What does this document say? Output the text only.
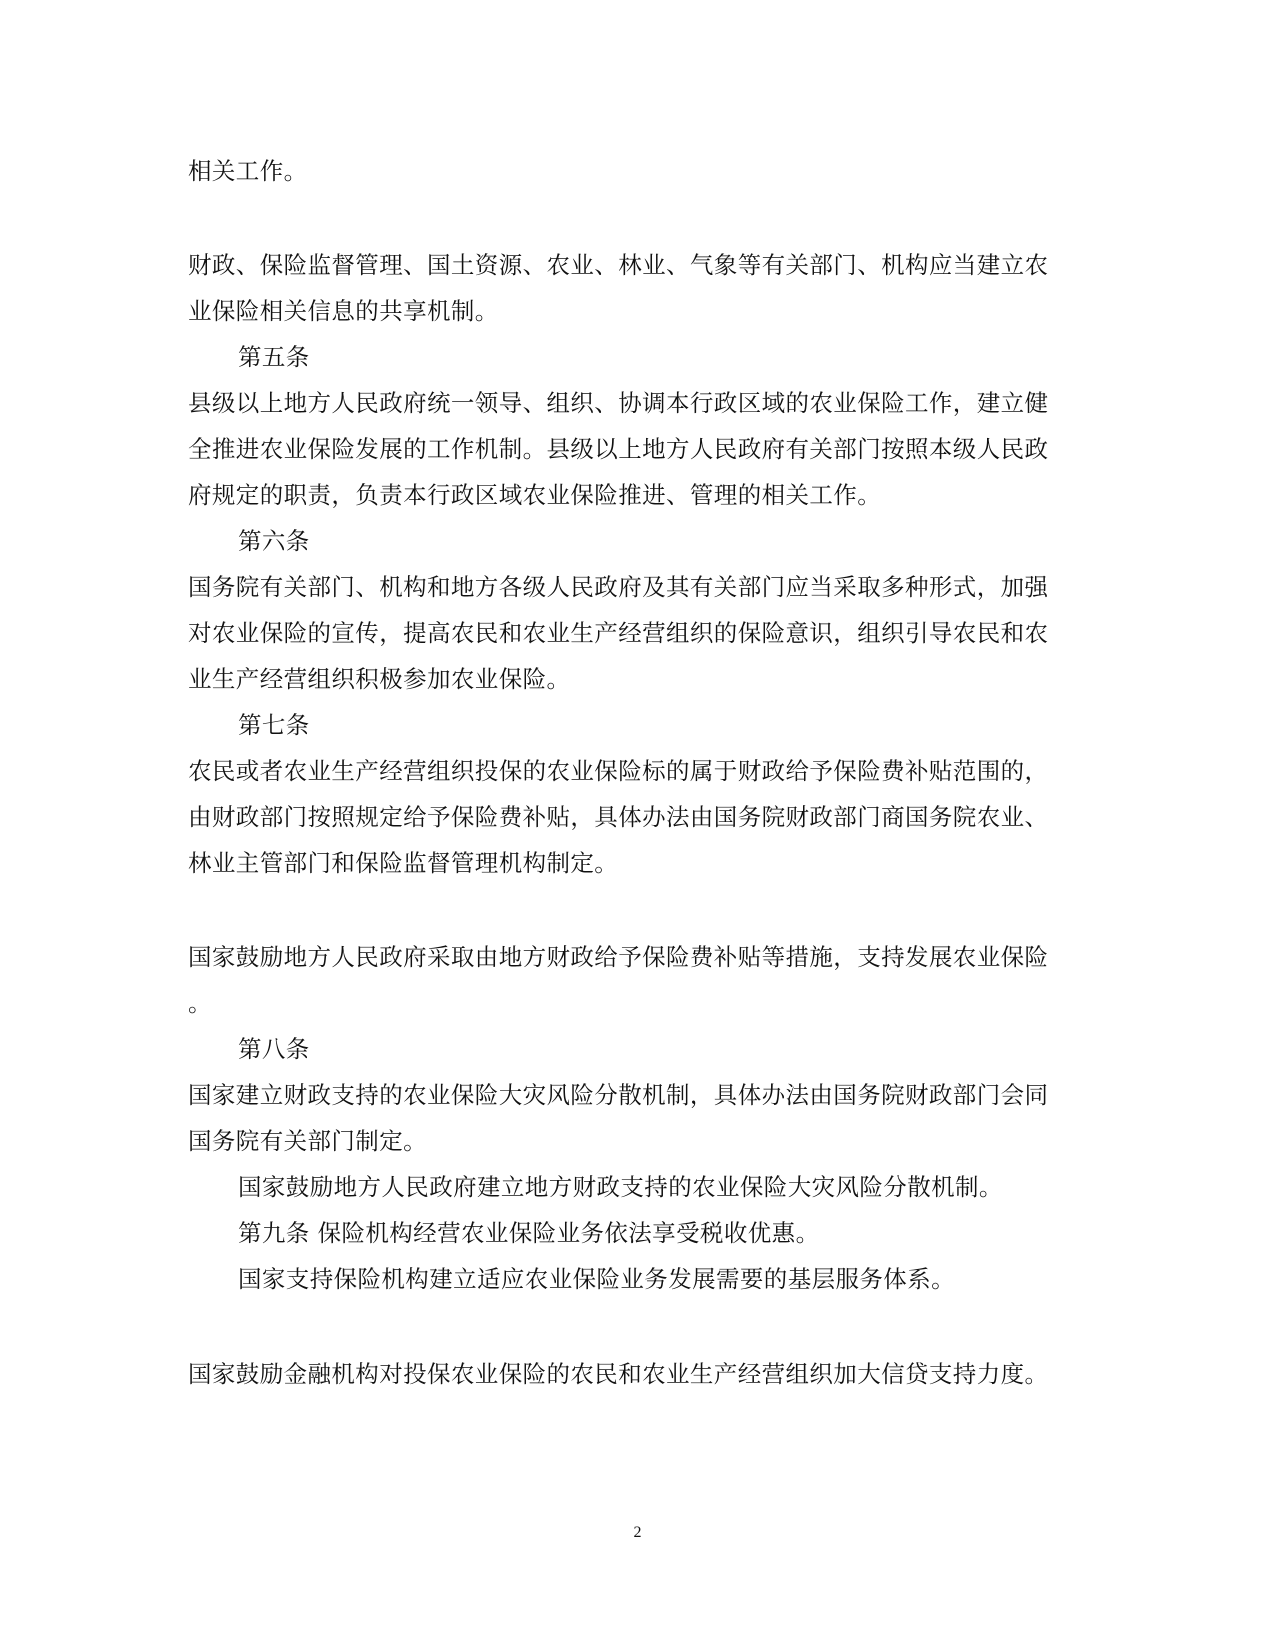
相关工作。
财政、保险监督管理、国土资源、农业、林业、气象等有关部门、机构应当建立农
业保险相关信息的共享机制。
第五条
县级以上地方人民政府统一领导、组织、协调本行政区域的农业保险工作，建立健
全推进农业保险发展的工作机制。县级以上地方人民政府有关部门按照本级人民政
府规定的职责，负责本行政区域农业保险推进、管理的相关工作。
第六条
国务院有关部门、机构和地方各级人民政府及其有关部门应当采取多种形式，加强
对农业保险的宣传，提高农民和农业生产经营组织的保险意识，组织引导农民和农
业生产经营组织积极参加农业保险。
第七条
农民或者农业生产经营组织投保的农业保险标的属于财政给予保险费补贴范围的，
由财政部门按照规定给予保险费补贴，具体办法由国务院财政部门商国务院农业、
林业主管部门和保险监督管理机构制定。
国家鼓励地方人民政府采取由地方财政给予保险费补贴等措施，支持发展农业保险
。
第八条
国家建立财政支持的农业保险大灾风险分散机制，具体办法由国务院财政部门会同
国务院有关部门制定。
国家鼓励地方人民政府建立地方财政支持的农业保险大灾风险分散机制。
第九条 保险机构经营农业保险业务依法享受税收优惠。
国家支持保险机构建立适应农业保险业务发展需要的基层服务体系。
国家鼓励金融机构对投保农业保险的农民和农业生产经营组织加大信贷支持力度。
2
